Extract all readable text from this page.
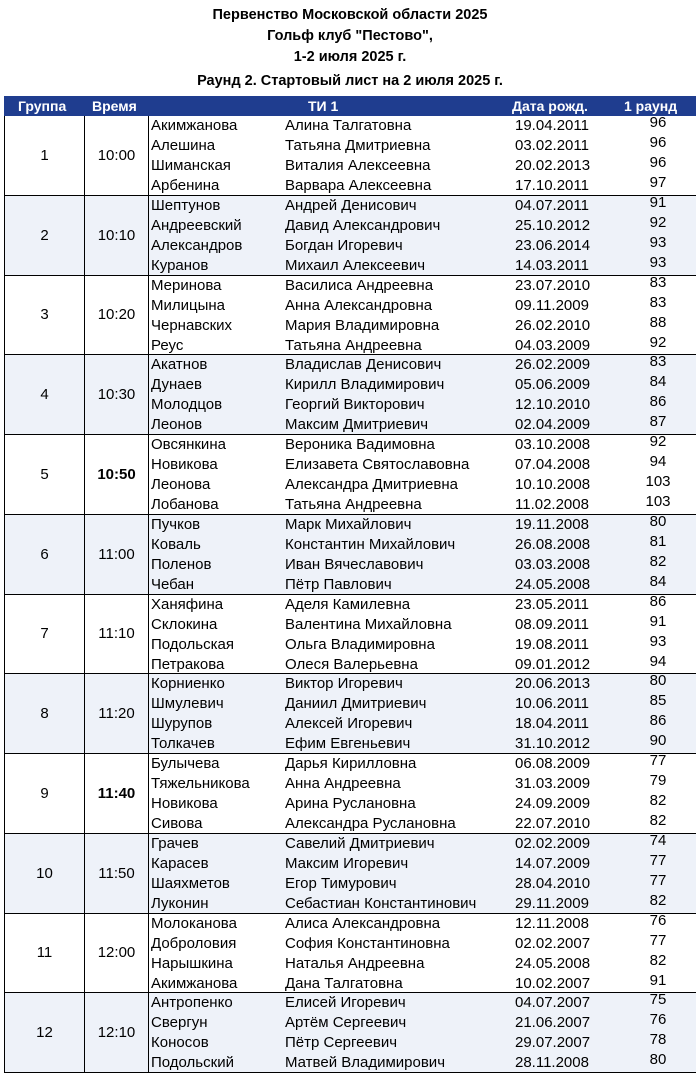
Первенство Московской области 2025
Гольф клуб "Пестово",
1-2 июля 2025 г.
Раунд 2. Стартовый лист на 2 июля 2025 г.
Группа Время	ТИ 1	Дата рожд.	1 раунд
1	10:00
Акимжанова	Алина Талгатовна	19.04.2011	96
Алешина	Татьяна Дмитриевна	03.02.2011	96
Шиманская	Виталия Алексеевна	20.02.2013	96
Арбенина	Варвара Алексеевна	17.10.2011	97
2	10:10
Шептунов	Андрей Денисович	04.07.2011	91
Андреевский	Давид Александрович	25.10.2012	92
Александров	Богдан Игоревич	23.06.2014	93
Куранов	Михаил Алексеевич	14.03.2011	93
3	10:20
Меринова	Василиса Андреевна	23.07.2010	83
Милицына	Анна Александровна	09.11.2009	83
Чернавских	Мария Владимировна	26.02.2010	88
Реус	Татьяна Андреевна	04.03.2009	92
4	10:30
Акатнов	Владислав Денисович	26.02.2009	83
Дунаев	Кирилл Владимирович	05.06.2009	84
Молодцов	Георгий Викторович	12.10.2010	86
Леонов	Максим Дмитриевич	02.04.2009	87
5	10:50
Овсянкина	Вероника Вадимовна	03.10.2008	92
Новикова	Елизавета Святославовна	07.04.2008	94
Леонова	Александра Дмитриевна	10.10.2008	103
Лобанова	Татьяна Андреевна	11.02.2008	103
6	11:00
Пучков	Марк Михайлович	19.11.2008	80
Коваль	Константин Михайлович	26.08.2008	81
Поленов	Иван Вячеславович	03.03.2008	82
Чебан	Пётр Павлович	24.05.2008	84
7	11:10
Ханяфина	Аделя Камилевна	23.05.2011	86
Склокина	Валентина Михайловна	08.09.2011	91
Подольская	Ольга Владимировна	19.08.2011	93
Петракова	Олеся Валерьевна	09.01.2012	94
8	11:20
Корниенко	Виктор Игоревич	20.06.2013	80
Шмулевич	Даниил Дмитриевич	10.06.2011	85
Шурупов	Алексей Игоревич	18.04.2011	86
Толкачев	Ефим Евгеньевич	31.10.2012	90
9	11:40
Булычева	Дарья Кирилловна	06.08.2009	77
Тяжельникова Анна Андреевна	31.03.2009	79
Новикова	Арина Руслановна	24.09.2009	82
Сивова	Александра Руслановна	22.07.2010	82
10	11:50
Грачев	Савелий Дмитриевич	02.02.2009	74
Карасев	Максим Игоревич	14.07.2009	77
Шаяхметов	Егор Тимурович	28.04.2010	77
Луконин	Себастиан Константинович	29.11.2009	82
11	12:00
Молоканова	Алиса Александровна	12.11.2008	76
Доброловия	София Константиновна	02.02.2007	77
Нарышкина	Наталья Андреевна	24.05.2008	82
Акимжанова	Дана Талгатовна	10.02.2007	91
12	12:10
Антропенко	Елисей Игоревич	04.07.2007	75
Свергун	Артём Сергеевич	21.06.2007	76
Коносов	Пётр Сергеевич	29.07.2007	78
Подольский	Матвей Владимирович	28.11.2008	80
